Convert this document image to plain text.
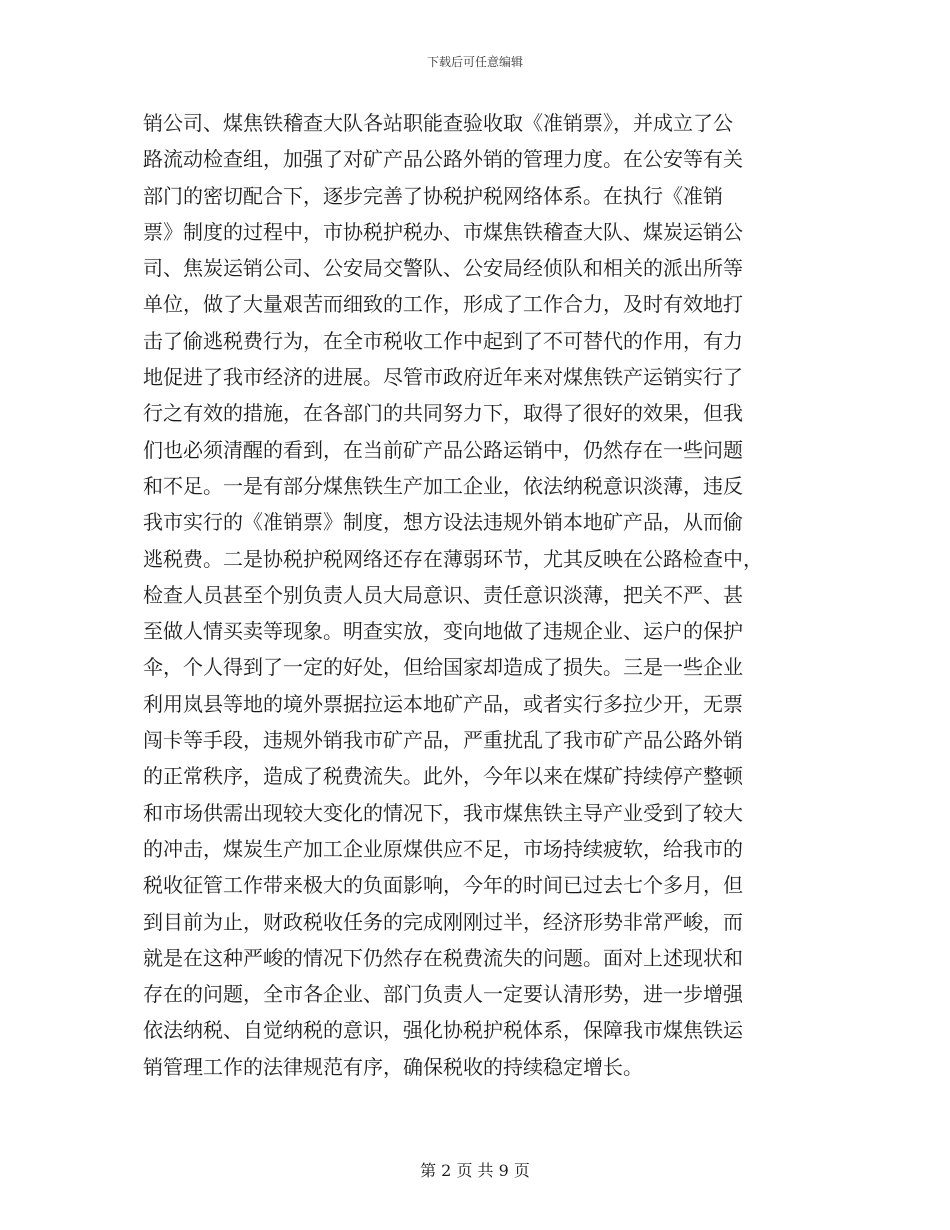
下载后可任意编辑

销公司、煤焦铁稽查大队各站职能查验收取《准销票》，并成立了公
路流动检查组，加强了对矿产品公路外销的管理力度。在公安等有关
部门的密切配合下，逐步完善了协税护税网络体系。在执行《准销
票》制度的过程中，市协税护税办、市煤焦铁稽查大队、煤炭运销公
司、焦炭运销公司、公安局交警队、公安局经侦队和相关的派出所等
单位，做了大量艰苦而细致的工作，形成了工作合力，及时有效地打
击了偷逃税费行为，在全市税收工作中起到了不可替代的作用，有力
地促进了我市经济的进展。尽管市政府近年来对煤焦铁产运销实行了
行之有效的措施，在各部门的共同努力下，取得了很好的效果，但我
们也必须清醒的看到，在当前矿产品公路运销中，仍然存在一些问题
和不足。一是有部分煤焦铁生产加工企业，依法纳税意识淡薄，违反
我市实行的《准销票》制度，想方设法违规外销本地矿产品，从而偷
逃税费。二是协税护税网络还存在薄弱环节，尤其反映在公路检查中，
检查人员甚至个别负责人员大局意识、责任意识淡薄，把关不严、甚
至做人情买卖等现象。明查实放，变向地做了违规企业、运户的保护
伞，个人得到了一定的好处，但给国家却造成了损失。三是一些企业
利用岚县等地的境外票据拉运本地矿产品，或者实行多拉少开，无票
闯卡等手段，违规外销我市矿产品，严重扰乱了我市矿产品公路外销
的正常秩序，造成了税费流失。此外，今年以来在煤矿持续停产整顿
和市场供需出现较大变化的情况下，我市煤焦铁主导产业受到了较大
的冲击，煤炭生产加工企业原煤供应不足，市场持续疲软，给我市的
税收征管工作带来极大的负面影响，今年的时间已过去七个多月，但
到目前为止，财政税收任务的完成刚刚过半，经济形势非常严峻，而
就是在这种严峻的情况下仍然存在税费流失的问题。面对上述现状和
存在的问题，全市各企业、部门负责人一定要认清形势，进一步增强
依法纳税、自觉纳税的意识，强化协税护税体系，保障我市煤焦铁运
销管理工作的法律规范有序，确保税收的持续稳定增长。

第 2 页 共 9 页
